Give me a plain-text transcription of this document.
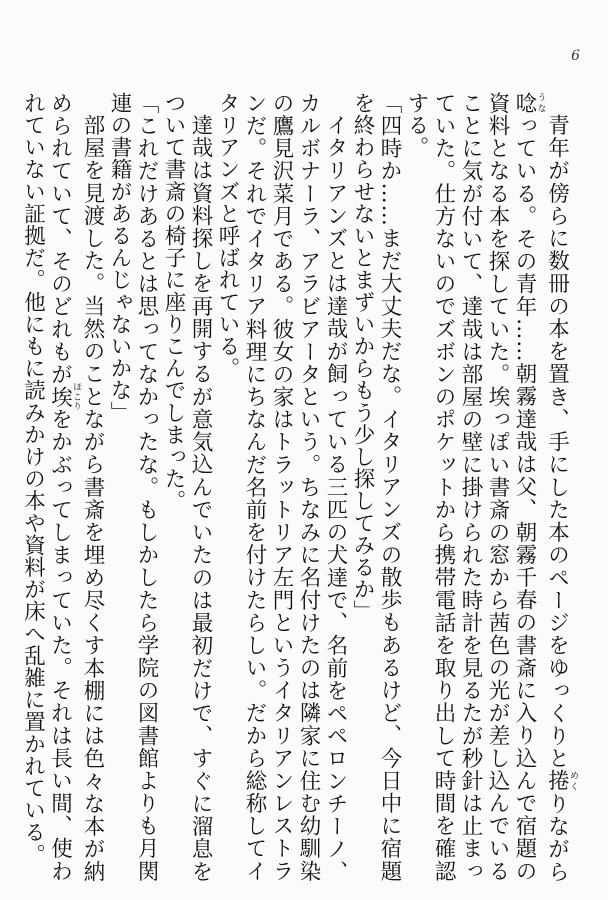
6

青年が傍らに数冊の本を置き、手にした本のページをゆっくりと捲めくりながら唸うなっている。その青年……朝霧達哉は父、朝霧千春の書斎に入り込んで宿題の資料となる本を探していた。埃っぽい書斎の窓から茜色の光が差し込んでいることに気が付いて、達哉は部屋の壁に掛けられた時計を見るたが秒針は止まっていた。仕方ないのでズボンのポケットから携帯電話を取り出して時間を確認する。

「四時か……まだ大丈夫だな。イタリアンズの散歩もあるけど、今日中に宿題を終わらせないとまずいからもう少し探してみるか」

イタリアンズとは達哉が飼っている三匹の犬達で、名前をペペロンチーノ、カルボナーラ、アラビアータという。ちなみに名付けたのは隣家に住む幼馴染の鷹見沢菜月である。彼女の家はトラットリア左門というイタリアンレストランだ。それでイタリア料理にちなんだ名前を付けたらしい。だから総称してイタリアンズと呼ばれている。

達哉は資料探しを再開するが意気込んでいたのは最初だけで、すぐに溜息をついて書斎の椅子に座りこんでしまった。

「これだけあるとは思ってなかったな。もしかしたら学院の図書館よりも月関連の書籍があるんじゃないかな」

部屋を見渡した。当然のことながら書斎を埋め尽くす本棚には色々な本が納められていて、そのどれもが埃ほこりをかぶってしまっていた。それは長い間、使われていない証拠だ。他にもに読みかけの本や資料が床へ乱雑に置かれている。
